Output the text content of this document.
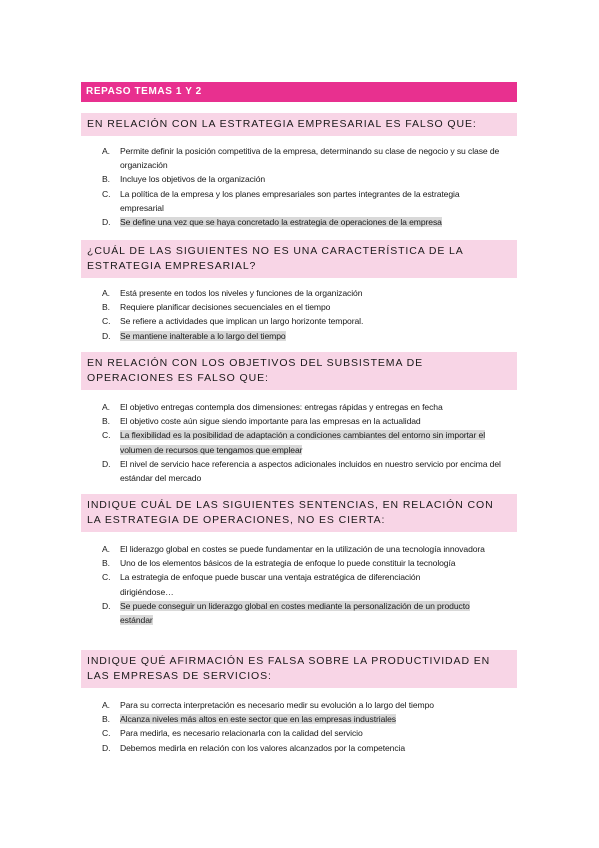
REPASO TEMAS 1 Y 2
EN RELACIÓN CON LA ESTRATEGIA EMPRESARIAL ES FALSO QUE:
A.	Permite definir la posición competitiva de la empresa, determinando su clase de negocio y su clase de organización
B.	Incluye los objetivos de la organización
C.	La política de la empresa y los planes empresariales son partes integrantes de la estrategia empresarial
D.	Se define una vez que se haya concretado la estrategia de operaciones de la empresa
¿CUÁL DE LAS SIGUIENTES NO ES UNA CARACTERÍSTICA DE LA ESTRATEGIA EMPRESARIAL?
A.	Está presente en todos los niveles y funciones de la organización
B.	Requiere planificar decisiones secuenciales en el tiempo
C.	Se refiere a actividades que implican un largo horizonte temporal.
D.	Se mantiene inalterable a lo largo del tiempo
EN RELACIÓN CON LOS OBJETIVOS DEL SUBSISTEMA DE OPERACIONES ES FALSO QUE:
A.	El objetivo entregas contempla dos dimensiones: entregas rápidas y entregas en fecha
B.	El objetivo coste aún sigue siendo importante para las empresas en la actualidad
C.	La flexibilidad es la posibilidad de adaptación a condiciones cambiantes del entorno sin importar el volumen de recursos que tengamos que emplear
D.	El nivel de servicio hace referencia a aspectos adicionales incluidos en nuestro servicio por encima del estándar del mercado
INDIQUE CUÁL DE LAS SIGUIENTES SENTENCIAS, EN RELACIÓN CON LA ESTRATEGIA DE OPERACIONES, NO ES CIERTA:
A.	El liderazgo global en costes se puede fundamentar en la utilización de una tecnología innovadora
B.	Uno de los elementos básicos de la estrategia de enfoque lo puede constituir la tecnología
C.	La estrategia de enfoque puede buscar una ventaja estratégica de diferenciación dirigiéndose…
D.	Se puede conseguir un liderazgo global en costes mediante la personalización de un producto estándar
INDIQUE QUÉ AFIRMACIÓN ES FALSA SOBRE LA PRODUCTIVIDAD EN LAS EMPRESAS DE SERVICIOS:
A.	Para su correcta interpretación es necesario medir su evolución a lo largo del tiempo
B.	Alcanza niveles más altos en este sector que en las empresas industriales
C.	Para medirla, es necesario relacionarla con la calidad del servicio
D.	Debemos medirla en relación con los valores alcanzados por la competencia
